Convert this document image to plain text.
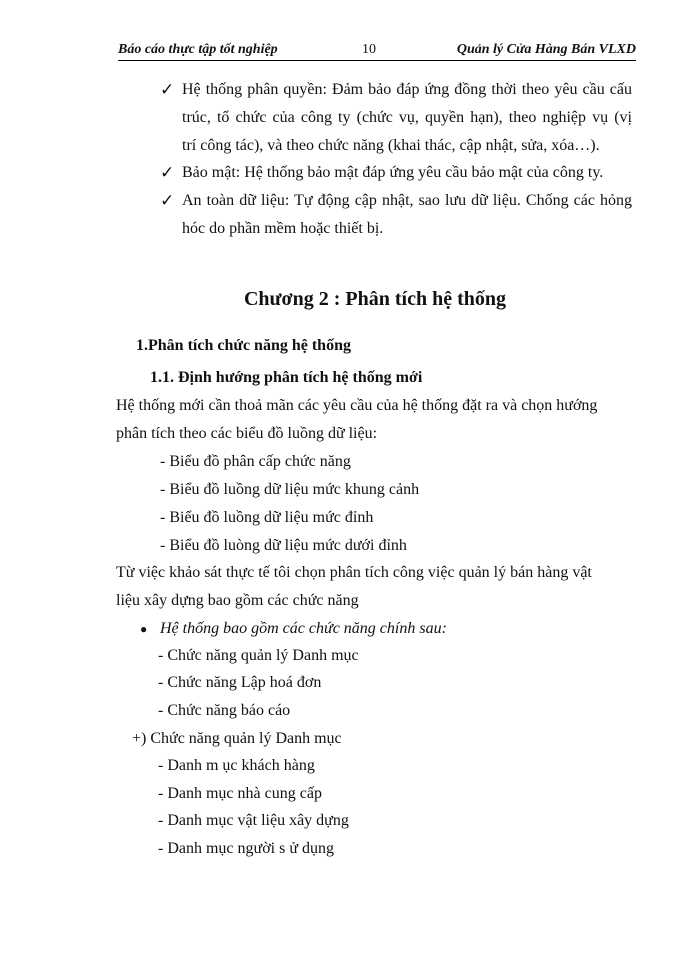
Báo cáo thực tập tốt nghiệp	10	Quản lý Cửa Hàng Bán VLXD
✓ Hệ thống phân quyền: Đảm bảo đáp ứng đồng thời theo yêu cầu cấu
trúc, tổ chức của công ty (chức vụ, quyền hạn), theo nghiệp vụ (vị
trí công tác), và theo chức năng (khai thác, cập nhật, sửa, xóa…).
✓ Bảo mật: Hệ thống bảo mật đáp ứng yêu cầu bảo mật của công ty.
✓ An toàn dữ liệu: Tự động cập nhật, sao lưu dữ liệu. Chống các hỏng
hóc do phần mềm hoặc thiết bị.
Chương 2 : Phân tích hệ thống
1.Phân tích chức năng hệ thống
1.1. Định hướng phân tích hệ thống mới
Hệ thống mới cần thoả mãn các yêu cầu của hệ thống đặt ra và chọn hướng
phân tích theo các biểu đồ luồng dữ liệu:
- Biểu đồ phân cấp chức năng
- Biểu đồ luồng dữ liệu mức khung cảnh
- Biểu đồ luồng dữ liệu mức đỉnh
- Biểu đồ luòng dữ liệu mức dưới đỉnh
Từ việc khảo sát thực tế tôi chọn phân tích công việc quản lý bán hàng vật
liệu xây dựng bao gồm các chức năng
● Hệ thống bao gồm các chức năng chính sau:
- Chức năng quản lý Danh mục
- Chức năng Lập hoá đơn
- Chức năng báo cáo
+) Chức năng quản lý Danh mục
- Danh m ục khách hàng
- Danh mục nhà cung cấp
- Danh mục vật liệu xây dựng
- Danh mục người s ử dụng
